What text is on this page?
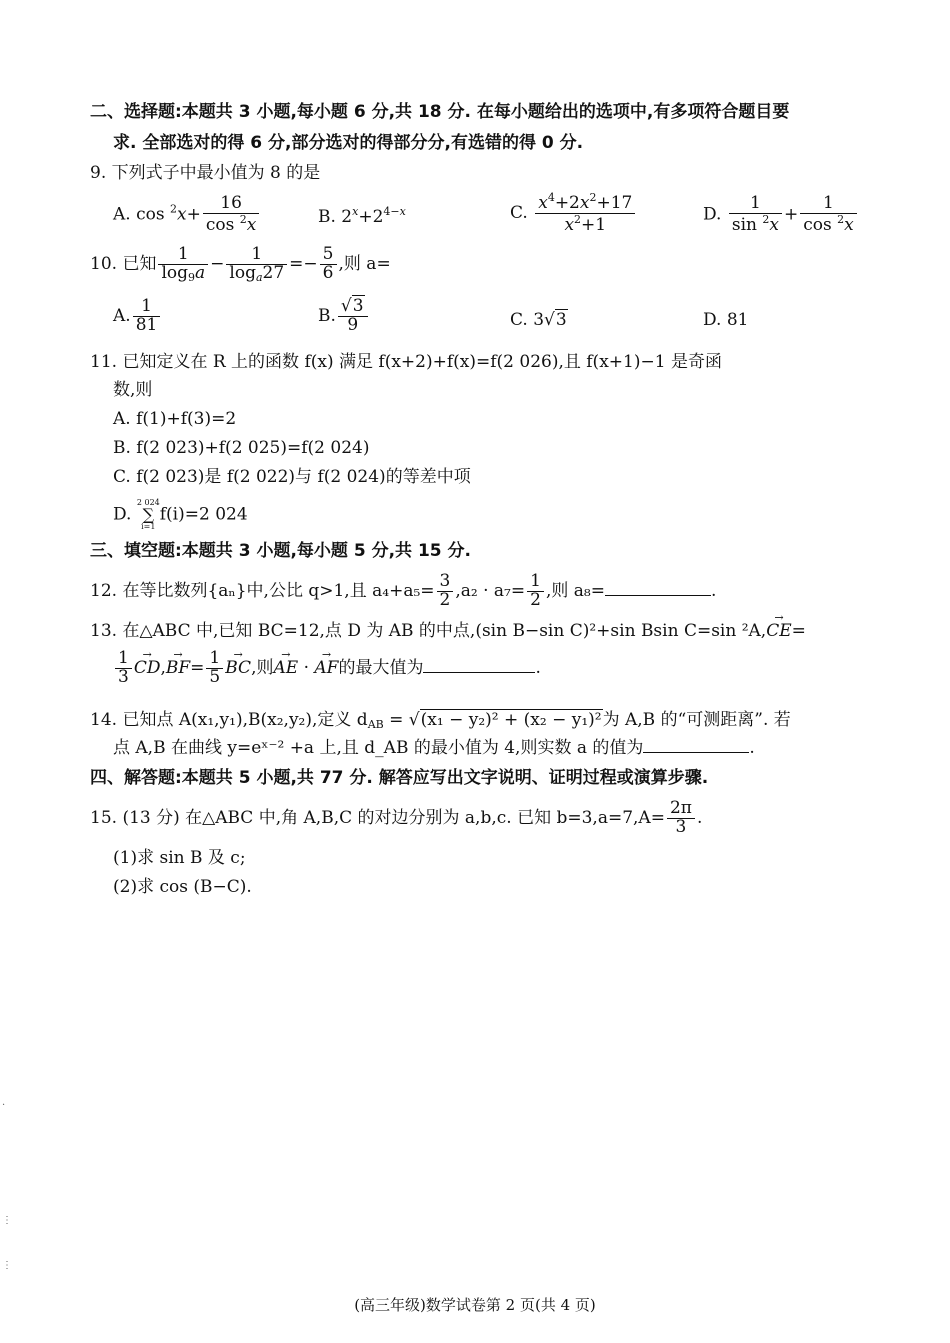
二、选择题:本题共 3 小题,每小题 6 分,共 18 分. 在每小题给出的选项中,有多项符合题目要
求. 全部选对的得 6 分,部分选对的得部分分,有选错的得 0 分.
9. 下列式子中最小值为 8 的是
A. $\cos ^2x+ \frac{16}{\cos ^2x}$	B. $2^x+2^{4-x}$	C. $\frac{x^4+2x^2+17}{x^2+1}$	D. $\frac{1}{\sin ^2x} + \frac{1}{\cos ^2x}$
10. 已知 $\frac{1}{\log_9a} - \frac{1}{\log_a27} =- \frac{5}{6}$ ,则 a=
A. $\frac{1}{81}$	B. $\frac{√3}{9}$	C. 3√3	D. 81
11. 已知定义在 R 上的函数 f(x) 满足 f(x+2)+f(x)=f(2 026),且 f(x+1)−1 是奇函
数,则
A. f(1)+f(3)=2
B. f(2 023)+f(2 025)=f(2 024)
C. f(2 023)是 f(2 022)与 f(2 024)的等差中项
D.
2 024
∑
i=1
f(i)=2 024
三、填空题:本题共 3 小题,每小题 5 分,共 15 分.
12. 在等比数列{aₙ}中,公比 q>1,且 $a_4+a_5= \frac{3}{2} ,a_2 \cdot a_7= \frac{1}{2}$ ,则 a₈=	.
13. 在△ABC 中,已知 BC=12,点 D 为 AB 的中点,(sin B−sin C)²+sin Bsin C=sin ²A,→ CE=
$\frac{1}{3}$
→ $CD,\to BF= \frac{1}{5}$
→ BC,则→ AE · → AF的最大值为	.
14. 已知点 A(x₁,y₁),B(x₂,y₂),定义 $d_{AB} = √(x_1 - y_2)^2 + (x_2 - y_1)^2$为 A,B 的“可测距离”. 若
点 A,B 在曲线 y=eˣ⁻² +a 上,且 d_AB 的最小值为 4,则实数 a 的值为	.
四、解答题:本题共 5 小题,共 77 分. 解答应写出文字说明、证明过程或演算步骤.
15. (13 分) 在△ABC 中,角 A,B,C 的对边分别为 a,b,c. 已知 $b=3,a=7,A= \frac{2\pi}{3}$ .
(1)求 sin B 及 c;
(2)求 cos (B−C).
·
⋮
⋮
(高三年级)数学试卷第 2 页(共 4 页)
